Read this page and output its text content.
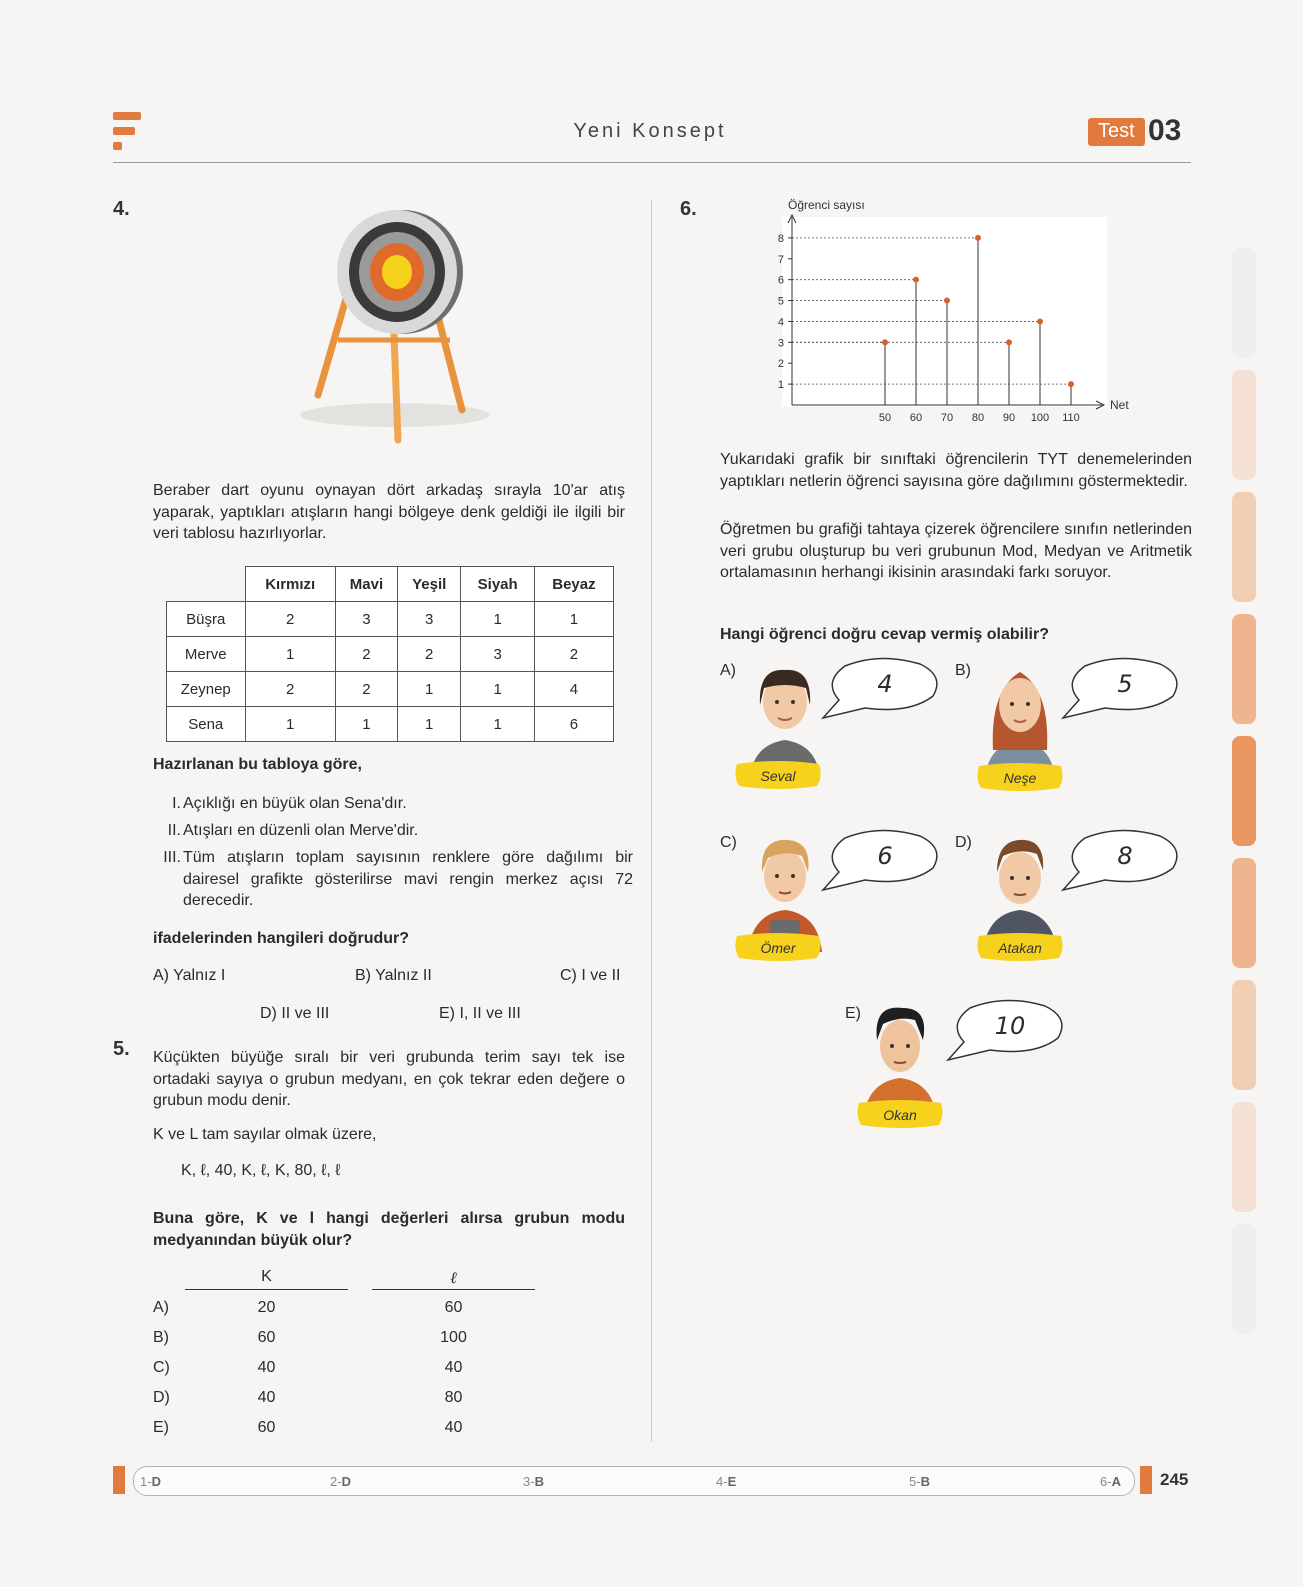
Yeni Konsept	Test 03
4.
Beraber dart oyunu oynayan dört arkadaş sırayla 10'ar atış yaparak, yaptıkları atışların hangi bölgeye denk geldiği ile ilgili bir veri tablosu hazırlıyorlar.
	Kırmızı	Mavi	Yeşil	Siyah	Beyaz
Büşra	2	3	3	1	1
Merve	1	2	2	3	2
Zeynep	2	2	1	1	4
Sena	1	1	1	1	6
Hazırlanan bu tabloya göre,
I. Açıklığı en büyük olan Sena'dır.
II. Atışları en düzenli olan Merve'dir.
III. Tüm atışların toplam sayısının renklere göre dağılımı bir dairesel grafikte gösterilirse mavi rengin merkez açısı 72 derecedir.
ifadelerinden hangileri doğrudur?
A) Yalnız I	B) Yalnız II	C) I ve II
D) II ve III	E) I, II ve III
5. Küçükten büyüğe sıralı bir veri grubunda terim sayı tek ise ortadaki sayıya o grubun medyanı, en çok tekrar eden değere o grubun modu denir.
K ve L tam sayılar olmak üzere,
K, ℓ, 40, K, ℓ, K, 80, ℓ, ℓ
Buna göre, K ve l hangi değerleri alırsa grubun modu medyanından büyük olur?
K	ℓ
A)	20	60
B)	60	100
C)	40	40
D)	40	80
E)	60	40
6.	Öğrenci sayısı
Net
1
2
3
4
5
6
7
8
50 60 70 80 90 100 110
Yukarıdaki grafik bir sınıftaki öğrencilerin TYT denemelerinden yaptıkları netlerin öğrenci sayısına göre dağılımını göstermektedir.
Öğretmen bu grafiği tahtaya çizerek öğrencilere sınıfın netlerinden veri grubu oluşturup bu veri grubunun Mod, Medyan ve Aritmetik ortalamasının herhangi ikisinin arasındaki farkı soruyor.
Hangi öğrenci doğru cevap vermiş olabilir?
A)
Seval
4	B)
Neşe
5
C)
Ömer
6	D)
Atakan
8
E)
Okan
10
1-D	2-D	3-B	4-E	5-B	6-A 245
